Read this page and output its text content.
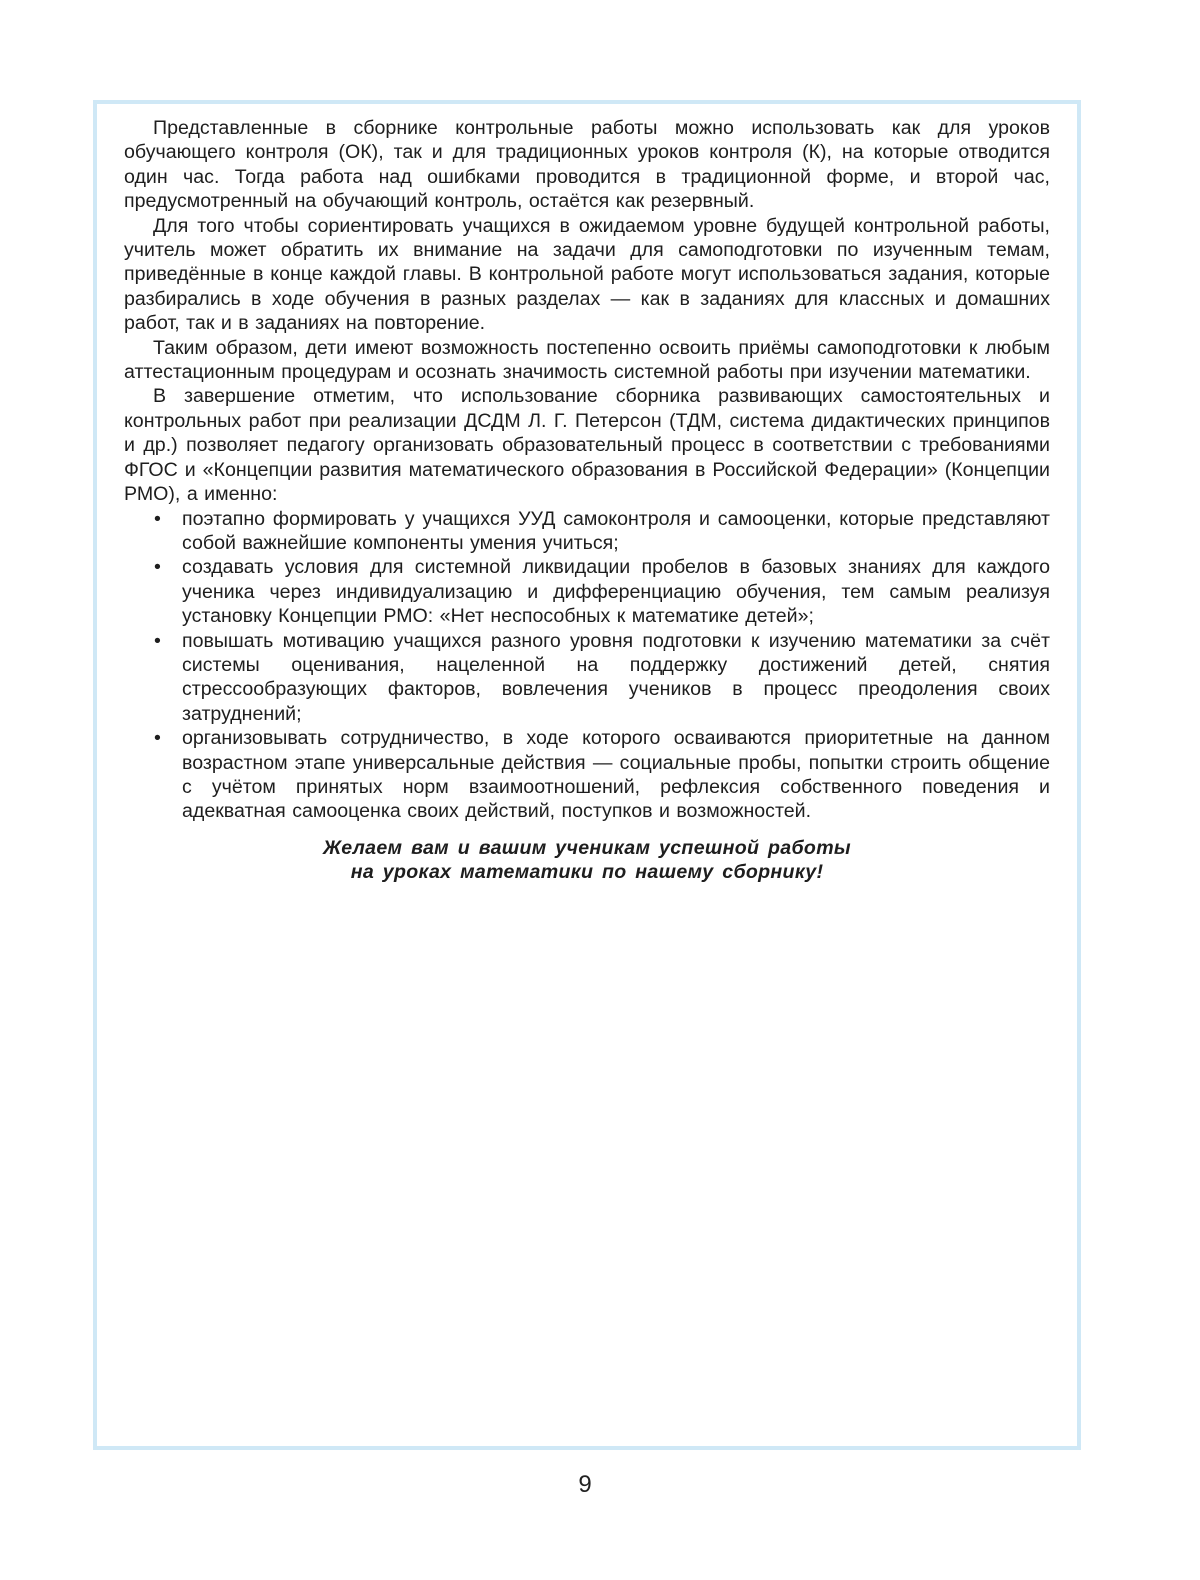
Представленные в сборнике контрольные работы можно использовать как для уроков обучающего контроля (ОК), так и для традиционных уроков контроля (К), на которые отводится один час. Тогда работа над ошибками проводится в традиционной форме, и второй час, предусмотренный на обучающий контроль, остаётся как резервный.

Для того чтобы сориентировать учащихся в ожидаемом уровне будущей контрольной работы, учитель может обратить их внимание на задачи для самоподготовки по изученным темам, приведённые в конце каждой главы. В контрольной работе могут использоваться задания, которые разбирались в ходе обучения в разных разделах — как в заданиях для классных и домашних работ, так и в заданиях на повторение.

Таким образом, дети имеют возможность постепенно освоить приёмы самоподготовки к любым аттестационным процедурам и осознать значимость системной работы при изучении математики.

В завершение отметим, что использование сборника развивающих самостоятельных и контрольных работ при реализации ДСДМ Л. Г. Петерсон (ТДМ, система дидактических принципов и др.) позволяет педагогу организовать образовательный процесс в соответствии с требованиями ФГОС и «Концепции развития математического образования в Российской Федерации» (Концепции РМО), а именно:

• поэтапно формировать у учащихся УУД самоконтроля и самооценки, которые представляют собой важнейшие компоненты умения учиться;
• создавать условия для системной ликвидации пробелов в базовых знаниях для каждого ученика через индивидуализацию и дифференциацию обучения, тем самым реализуя установку Концепции РМО: «Нет неспособных к математике детей»;
• повышать мотивацию учащихся разного уровня подготовки к изучению математики за счёт системы оценивания, нацеленной на поддержку достижений детей, снятия стрессообразующих факторов, вовлечения учеников в процесс преодоления своих затруднений;
• организовывать сотрудничество, в ходе которого осваиваются приоритетные на данном возрастном этапе универсальные действия — социальные пробы, попытки строить общение с учётом принятых норм взаимоотношений, рефлексия собственного поведения и адекватная самооценка своих действий, поступков и возможностей.
Желаем вам и вашим ученикам успешной работы
на уроках математики по нашему сборнику!
9
